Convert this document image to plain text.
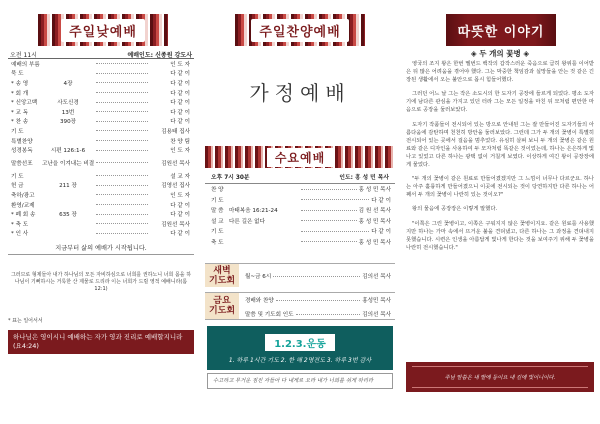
주일낮예배
오전 11시	예배인도: 신종원 강도사
예배의 부름	인 도 자
묵 도	다 같 이
* 송 영	4장	다 같 이
* 회 개	다 같 이
* 신앙고백	사도신경	다 같 이
* 교 독	13번	다 같 이
* 찬 송	390장	다 같 이
기 도	김용태 집사
특별찬양	찬 양 팀
성경봉독	시편 126:1-6	인 도 자
말씀선포	고난을 이겨내는 비결	김원선 목사
기 도	설 교 자
헌 금	211 장	김영선 집사
축하/광고	인 도 자
환영/교제	다 같 이
* 폐 회 송	635 장	다 같 이
* 축 도	김원선 목사
* 인 사	다 같 이
지금부터 삶의 예배가 시작됩니다.
그러므로 형제들아 내가 하나님의 모든 자비하심으로 너희를 권하노니 너희 몸을 하나님이 기뻐하시는 거룩한 산 제물로 드리라 이는 너희가 드릴 영적 예배니라(롬 12:1)
* 표는 일어서서
하나님은 영이시니 예배하는 자가 영과 진리로 예배할지니라 (요4:24)
주일찬양예배
가정예배
수요예배
오후 7시 30분	인도: 홍 성 민 목사
찬 양	홍 성 민 목사
기 도	다 같 이
말 씀 마태복음 16:21-24	김 원 선 목사
설 교 다른 길은 없다	홍 성 민 목사
기 도	다 같 이
축 도	홍 성 민 목사
새벽
기도회 월~금 6시	김의선 목사
금요
기도회
경배와 찬양	홍성민 목사
말씀 및 기도회 인도	김의선 목사
1.2.3.운동
1. 하루 1시간 기도 2. 한 해 2명전도 3. 하루 3번 감사
수고하고 무거운 짐진 자들아 다 내게로 오라 내가 너희를 쉬게 하리라
따뜻한 이야기
◈ 두 개의 꽃병 ◈

영국의 조지 왕은 한번 멜번드 백작의 갑작스러운 죽음으로 급히 왕위를 이어받은 뒤 많은 어려움을 겪어야 했다. 그는 막중한 책임감과 실망들을 안는 것 같은 긴장된 생활에서 오는 불안으로 몹시 힘들어했다.

그러던 어느 날 그는 작은 소도시의 한 도자기 공장에 들르게 되었다. 평소 도자기에 남다른 관심을 가지고 있던 터라 그는 모든 일정을 마친 뒤 모처럼 편안한 마음으로 공장을 둘러보았다.

도자기 작품들이 전시되어 있는 방으로 안내된 그는 잘 만들어진 도자기들의 아름다움에 감탄하며 천천히 방안을 둘러보았다. 그런데 그가 두 개의 꽃병이 특별히 전시되어 있는 곳에서 걸음을 멈추었다. 유심히 살펴 보니 두 개의 꽃병은 같은 원료와 같은 디자인을 사용하여 두 모자처럼 똑같은 것이었는데, 하나는 은은하게 빛나고 있었고 다른 하나는 광택 없이 거칠게 보였다. 이상하게 여긴 왕이 공장장에게 물었다.

"두 개의 꽃병이 같은 원료로 만들어졌겠지만 그 느낌이 너무나 다르군요. 하나는 아주 훌륭하게 만들어졌으니 이곳에 전시되는 것이 당연하지만 다른 하나는 어째서 두 개의 꽃병이 나란히 있는 것이오?"

왕의 물음에 공장장은 이렇게 말했다.

"이쪽은 그린 꽃병이고, 이쪽은 구워지지 않은 꽃병이지요. 같은 원료를 사용했지만 하나는 가마 속에서 뜨거운 불을 견뎌냈고, 다른 하나는 그 과정을 견뎌내지 못했습니다. 시련은 인생을 아름답게 빛나게 한다는 것을 보여주기 위해 두 꽃병을 나란히 전시했습니다."

주님 말씀은 내 발에 등이요 내 길에 빛이니이다.
